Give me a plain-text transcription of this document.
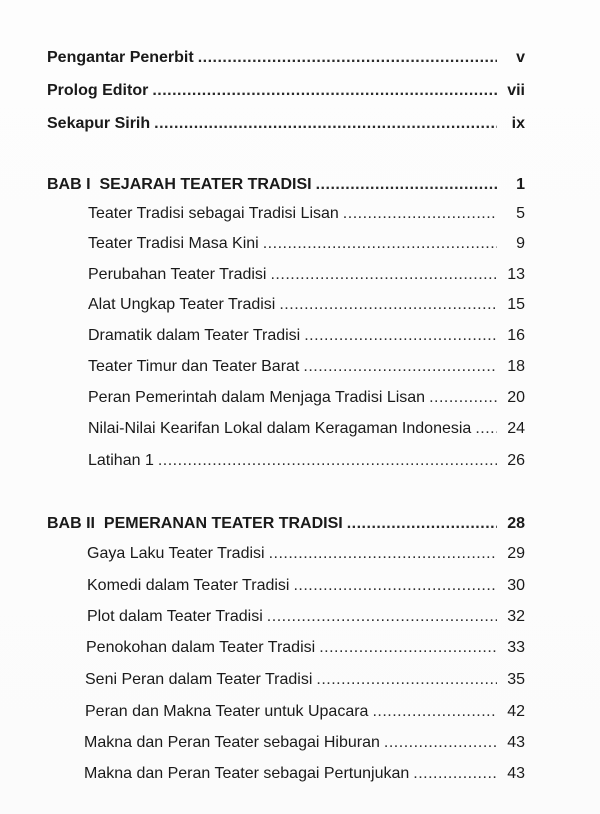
Pengantar Penerbit .....	v
Prolog Editor .....	vii
Sekapur Sirih .....	ix
BAB I  SEJARAH TEATER TRADISI .....	1
Teater Tradisi sebagai Tradisi Lisan .....	5
Teater Tradisi Masa Kini .....	9
Perubahan Teater Tradisi .....	13
Alat Ungkap Teater Tradisi .....	15
Dramatik dalam Teater Tradisi .....	16
Teater Timur dan Teater Barat .....	18
Peran Pemerintah dalam Menjaga Tradisi Lisan .....	20
Nilai-Nilai Kearifan Lokal dalam Keragaman Indonesia .....	24
Latihan 1 .....	26
BAB II  PEMERANAN TEATER TRADISI .....	28
Gaya Laku Teater Tradisi .....	29
Komedi dalam Teater Tradisi .....	30
Plot dalam Teater Tradisi .....	32
Penokohan dalam Teater Tradisi .....	33
Seni Peran dalam Teater Tradisi .....	35
Peran dan Makna Teater untuk Upacara .....	42
Makna dan Peran Teater sebagai Hiburan .....	43
Makna dan Peran Teater sebagai Pertunjukan .....	43
